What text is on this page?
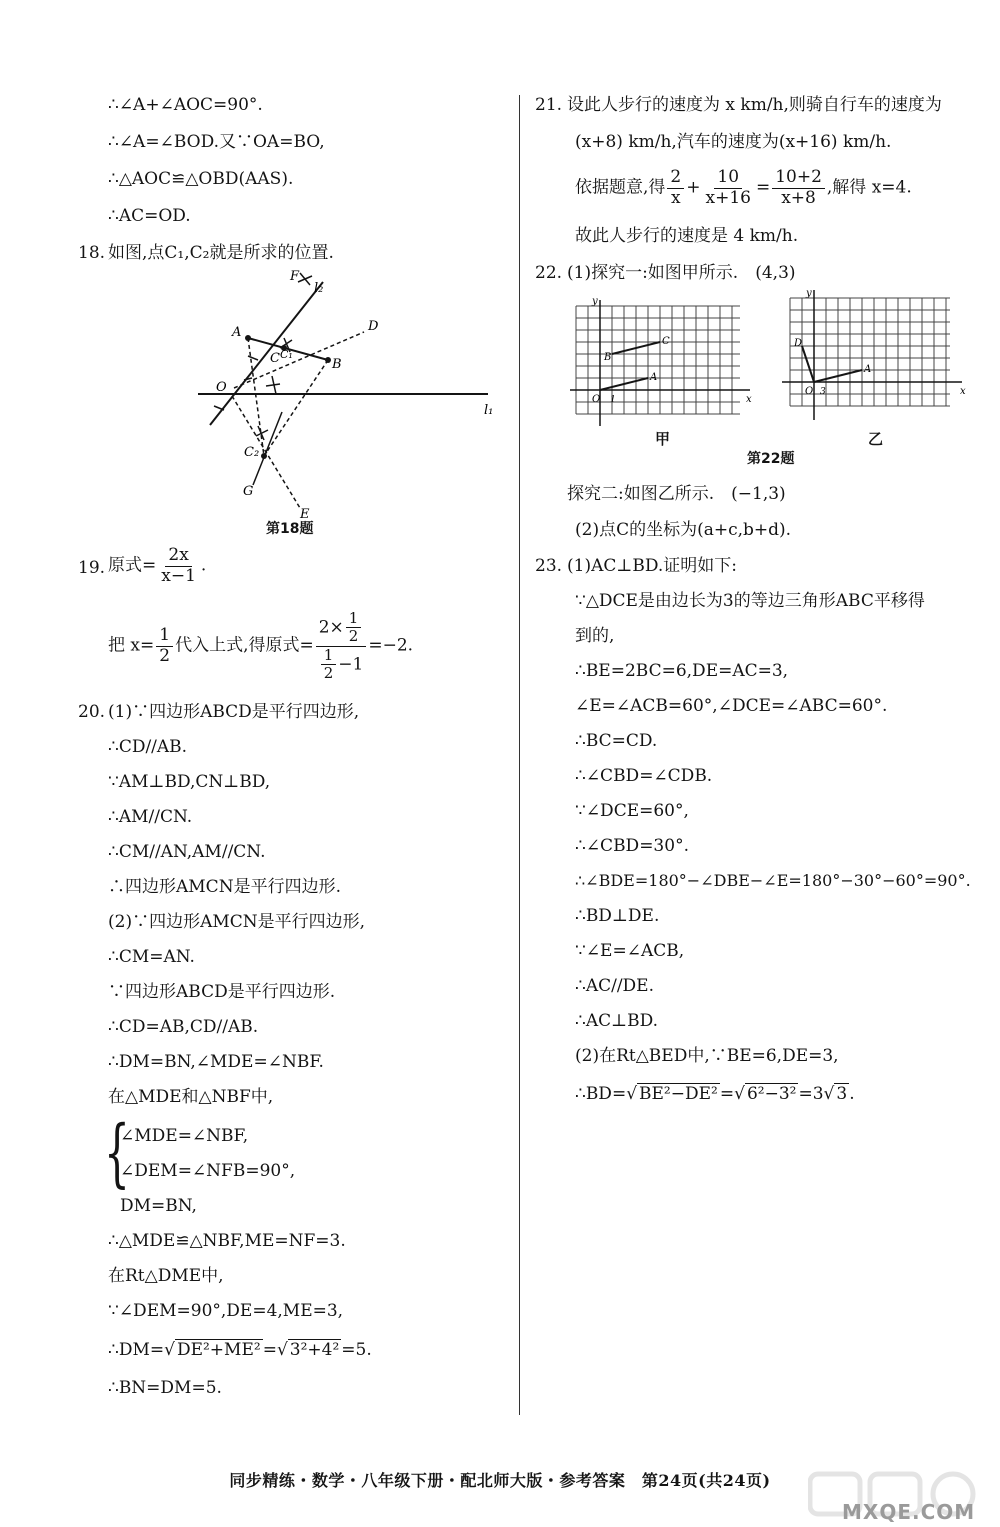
∴∠A+∠AOC=90°.
∴∠A=∠BOD.又∵OA=BO,
∴△AOC≌△OBD(AAS).
∴AC=OD.
18. 如图,点C₁,C₂就是所求的位置.
F
l₂
A
C
D
B
C₁
O
l₁
C₂
G
E
第18题
19. 原式= $\frac{2x}{x-1}$ .
把 $x= \frac{1}{2}$ 代入上式,得原式= $\frac{2\times \frac{1}{2}}{\frac{1}{2} -1} =-2$.
20. (1)∵四边形ABCD是平行四边形,
∴CD//AB.
∵AM⊥BD,CN⊥BD,
∴AM//CN.
∴CM//AN,AM//CN.
∴四边形AMCN是平行四边形.
(2)∵四边形AMCN是平行四边形,
∴CM=AN.
∵四边形ABCD是平行四边形.
∴CD=AB,CD//AB.
∴DM=BN,∠MDE=∠NBF.
在△MDE和△NBF中,
{
∠MDE=∠NBF,
∠DEM=∠NFB=90°,
DM=BN,
∴△MDE≌△NBF,ME=NF=3.
在Rt△DME中,
∵∠DEM=90°,DE=4,ME=3,
∴DM=√ DE²+ME² =√ 3²+4² =5.
∴BN=DM=5.
21. 设此人步行的速度为 x km/h,则骑自行车的速度为
(x+8) km/h,汽车的速度为(x+16) km/h.
依据题意,得 $\frac{2}{x} + \frac{10}{x+16} = \frac{10+2}{x+8}$ ,解得 x=4.
故此人步行的速度是 4 km/h.
22. (1)探究一:如图甲所示.　 (4,3)
y
x
O 1
B
C
A
y
x
O 3
D
A
甲	乙
第22题
探究二:如图乙所示.　 (−1,3)
(2)点C的坐标为(a+c,b+d).
23. (1)AC⊥BD.证明如下:
∵△DCE是由边长为3的等边三角形ABC平移得
到的,
∴BE=2BC=6,DE=AC=3,
∠E=∠ACB=60°,∠DCE=∠ABC=60°.
∴BC=CD.
∴∠CBD=∠CDB.
∵∠DCE=60°,
∴∠CBD=30°.
∴∠BDE=180°−∠DBE−∠E=180°−30°−60°=90°.
∴BD⊥DE.
∵∠E=∠ACB,
∴AC//DE.
∴AC⊥BD.
(2)在Rt△BED中,∵BE=6,DE=3,
∴BD=√ BE²−DE² =√ 6²−3² =3√ 3 .
同步精练・数学・八年级下册・配北师大版・参考答案　第24页(共24页)
MXQE.COM
